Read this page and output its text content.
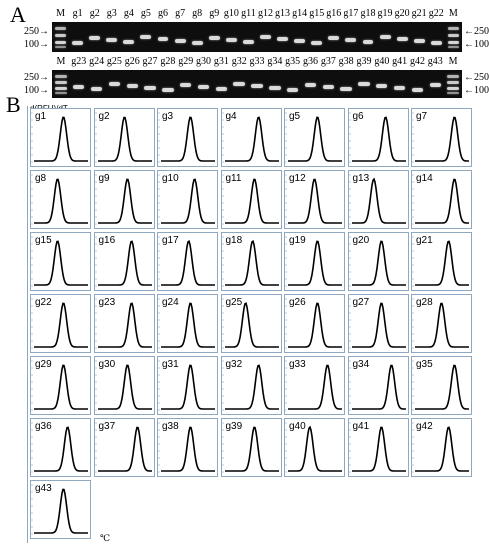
A	M g1 g2 g3 g4 g5 g6 g7 g8 g9 g10 g11 g12 g13 g14 g15 g16 g17 g18 g19 g20 g21 g22 M
250→
100→
←250
←100
M g23 g24 g25 g26 g27 g28 g29 g30 g31 g32 g33 g34 g35 g36 g37 g38 g39 g40 g41 g42 g43 M
250→
100→
←250
←100
B g1	g2	g3	g4	g5	g6	g7
g8	g9	g10	g11	g12	g13	g14
g15	g16	g17	g18	g19	g20	g21
g22	g23	g24	g25	g26	g27	g28
g29	g30	g31	g32	g33	g34	g35
g36	g37	g38	g39	g40	g41	g42
g43
℃
